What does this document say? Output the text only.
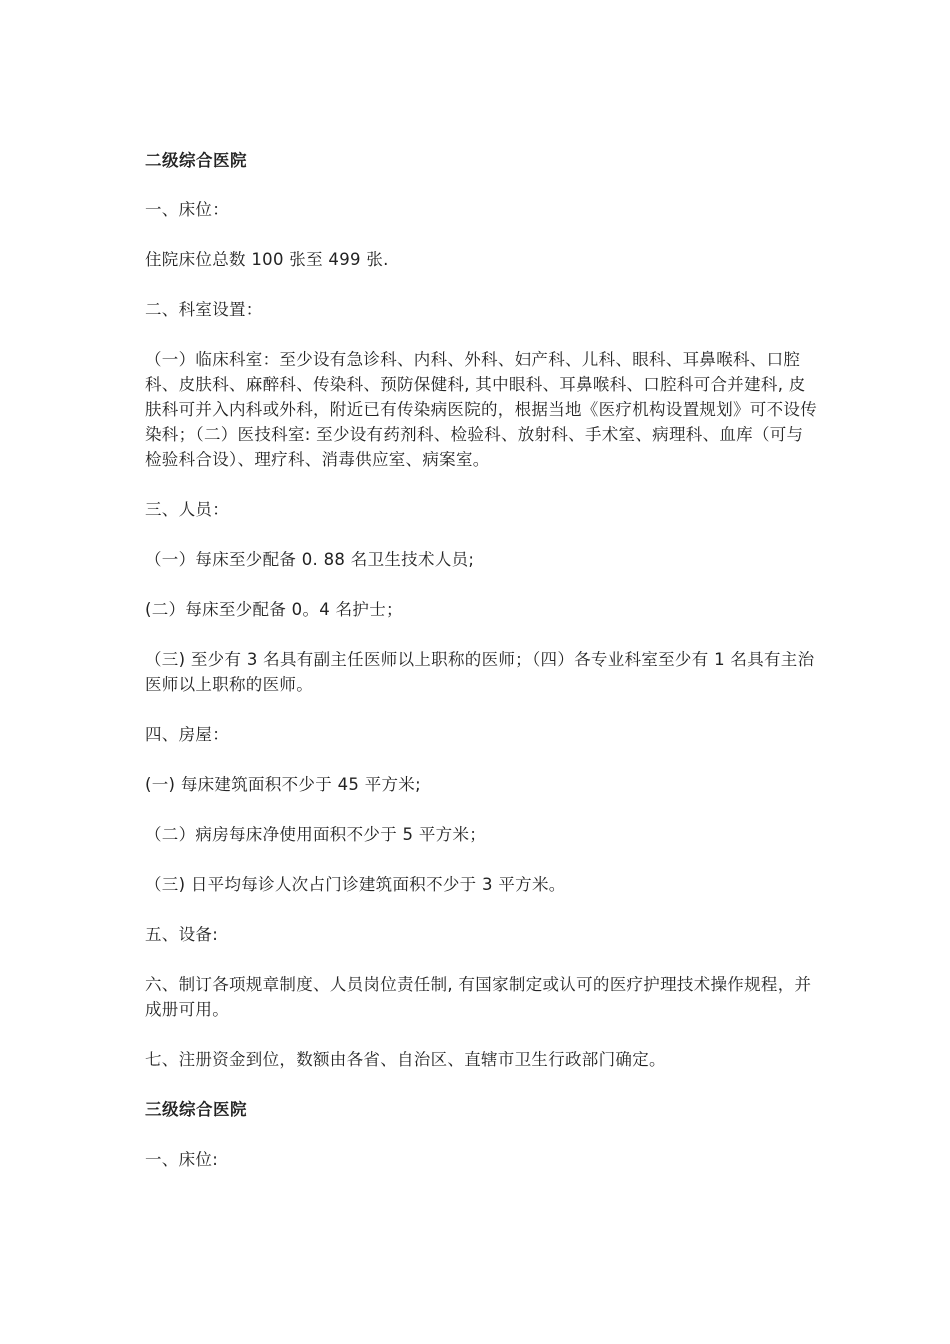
二级综合医院

一、床位：

住院床位总数 100 张至 499 张.

二、科室设置：

（一）临床科室：至少设有急诊科、内科、外科、妇产科、儿科、眼科、耳鼻喉科、口腔科、皮肤科、麻醉科、传染科、预防保健科, 其中眼科、耳鼻喉科、口腔科可合并建科, 皮肤科可并入内科或外科，附近已有传染病医院的，根据当地《医疗机构设置规划》可不设传染科；（二）医技科室: 至少设有药剂科、检验科、放射科、手术室、病理科、血库（可与检验科合设）、理疗科、消毒供应室、病案室。

三、人员：

（一）每床至少配备 0. 88 名卫生技术人员;

(二）每床至少配备 0。4 名护士；

（三) 至少有 3 名具有副主任医师以上职称的医师；（四）各专业科室至少有 1 名具有主治医师以上职称的医师。

四、房屋：

(一) 每床建筑面积不少于 45 平方米;

（二）病房每床净使用面积不少于 5 平方米；

（三) 日平均每诊人次占门诊建筑面积不少于 3 平方米。

五、设备:

六、制订各项规章制度、人员岗位责任制, 有国家制定或认可的医疗护理技术操作规程，并成册可用。

七、注册资金到位，数额由各省、自治区、直辖市卫生行政部门确定。

三级综合医院

一、床位:
